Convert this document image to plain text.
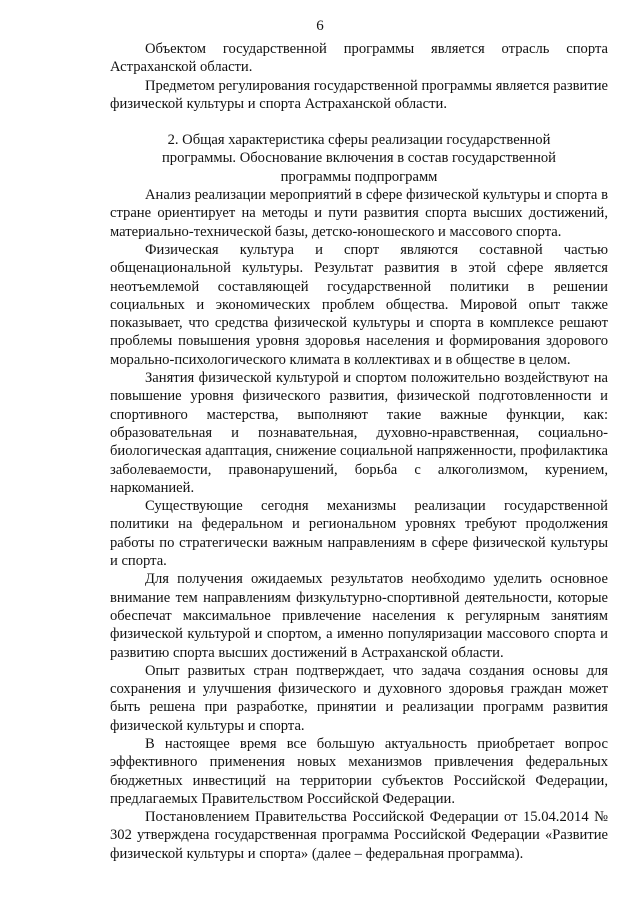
6

Объектом государственной программы является отрасль спорта Астраханской области.

Предметом регулирования государственной программы является развитие физической культуры и спорта Астраханской области.

2. Общая характеристика сферы реализации государственной
программы. Обоснование включения в состав государственной
программы подпрограмм

Анализ реализации мероприятий в сфере физической культуры и спорта в стране ориентирует на методы и пути развития спорта высших достижений, материально-технической базы, детско-юношеского и массового спорта.

Физическая культура и спорт являются составной частью общенациональной культуры. Результат развития в этой сфере является неотъемлемой составляющей государственной политики в решении социальных и экономических проблем общества. Мировой опыт также показывает, что средства физической культуры и спорта в комплексе решают проблемы повышения уровня здоровья населения и формирования здорового морально-психологического климата в коллективах и в обществе в целом.

Занятия физической культурой и спортом положительно воздействуют на повышение уровня физического развития, физической подготовленности и спортивного мастерства, выполняют такие важные функции, как: образовательная и познавательная, духовно-нравственная, социально-биологическая адаптация, снижение социальной напряженности, профилактика заболеваемости, правонарушений, борьба с алкоголизмом, курением, наркоманией.

Существующие сегодня механизмы реализации государственной политики на федеральном и региональном уровнях требуют продолжения работы по стратегически важным направлениям в сфере физической культуры и спорта.

Для получения ожидаемых результатов необходимо уделить основное внимание тем направлениям физкультурно-спортивной деятельности, которые обеспечат максимальное привлечение населения к регулярным занятиям физической культурой и спортом, а именно популяризации массового спорта и развитию спорта высших достижений в Астраханской области.

Опыт развитых стран подтверждает, что задача создания основы для сохранения и улучшения физического и духовного здоровья граждан может быть решена при разработке, принятии и реализации программ развития физической культуры и спорта.

В настоящее время все большую актуальность приобретает вопрос эффективного применения новых механизмов привлечения федеральных бюджетных инвестиций на территории субъектов Российской Федерации, предлагаемых Правительством Российской Федерации.

Постановлением Правительства Российской Федерации от 15.04.2014 № 302 утверждена государственная программа Российской Федерации «Развитие физической культуры и спорта» (далее – федеральная программа).
